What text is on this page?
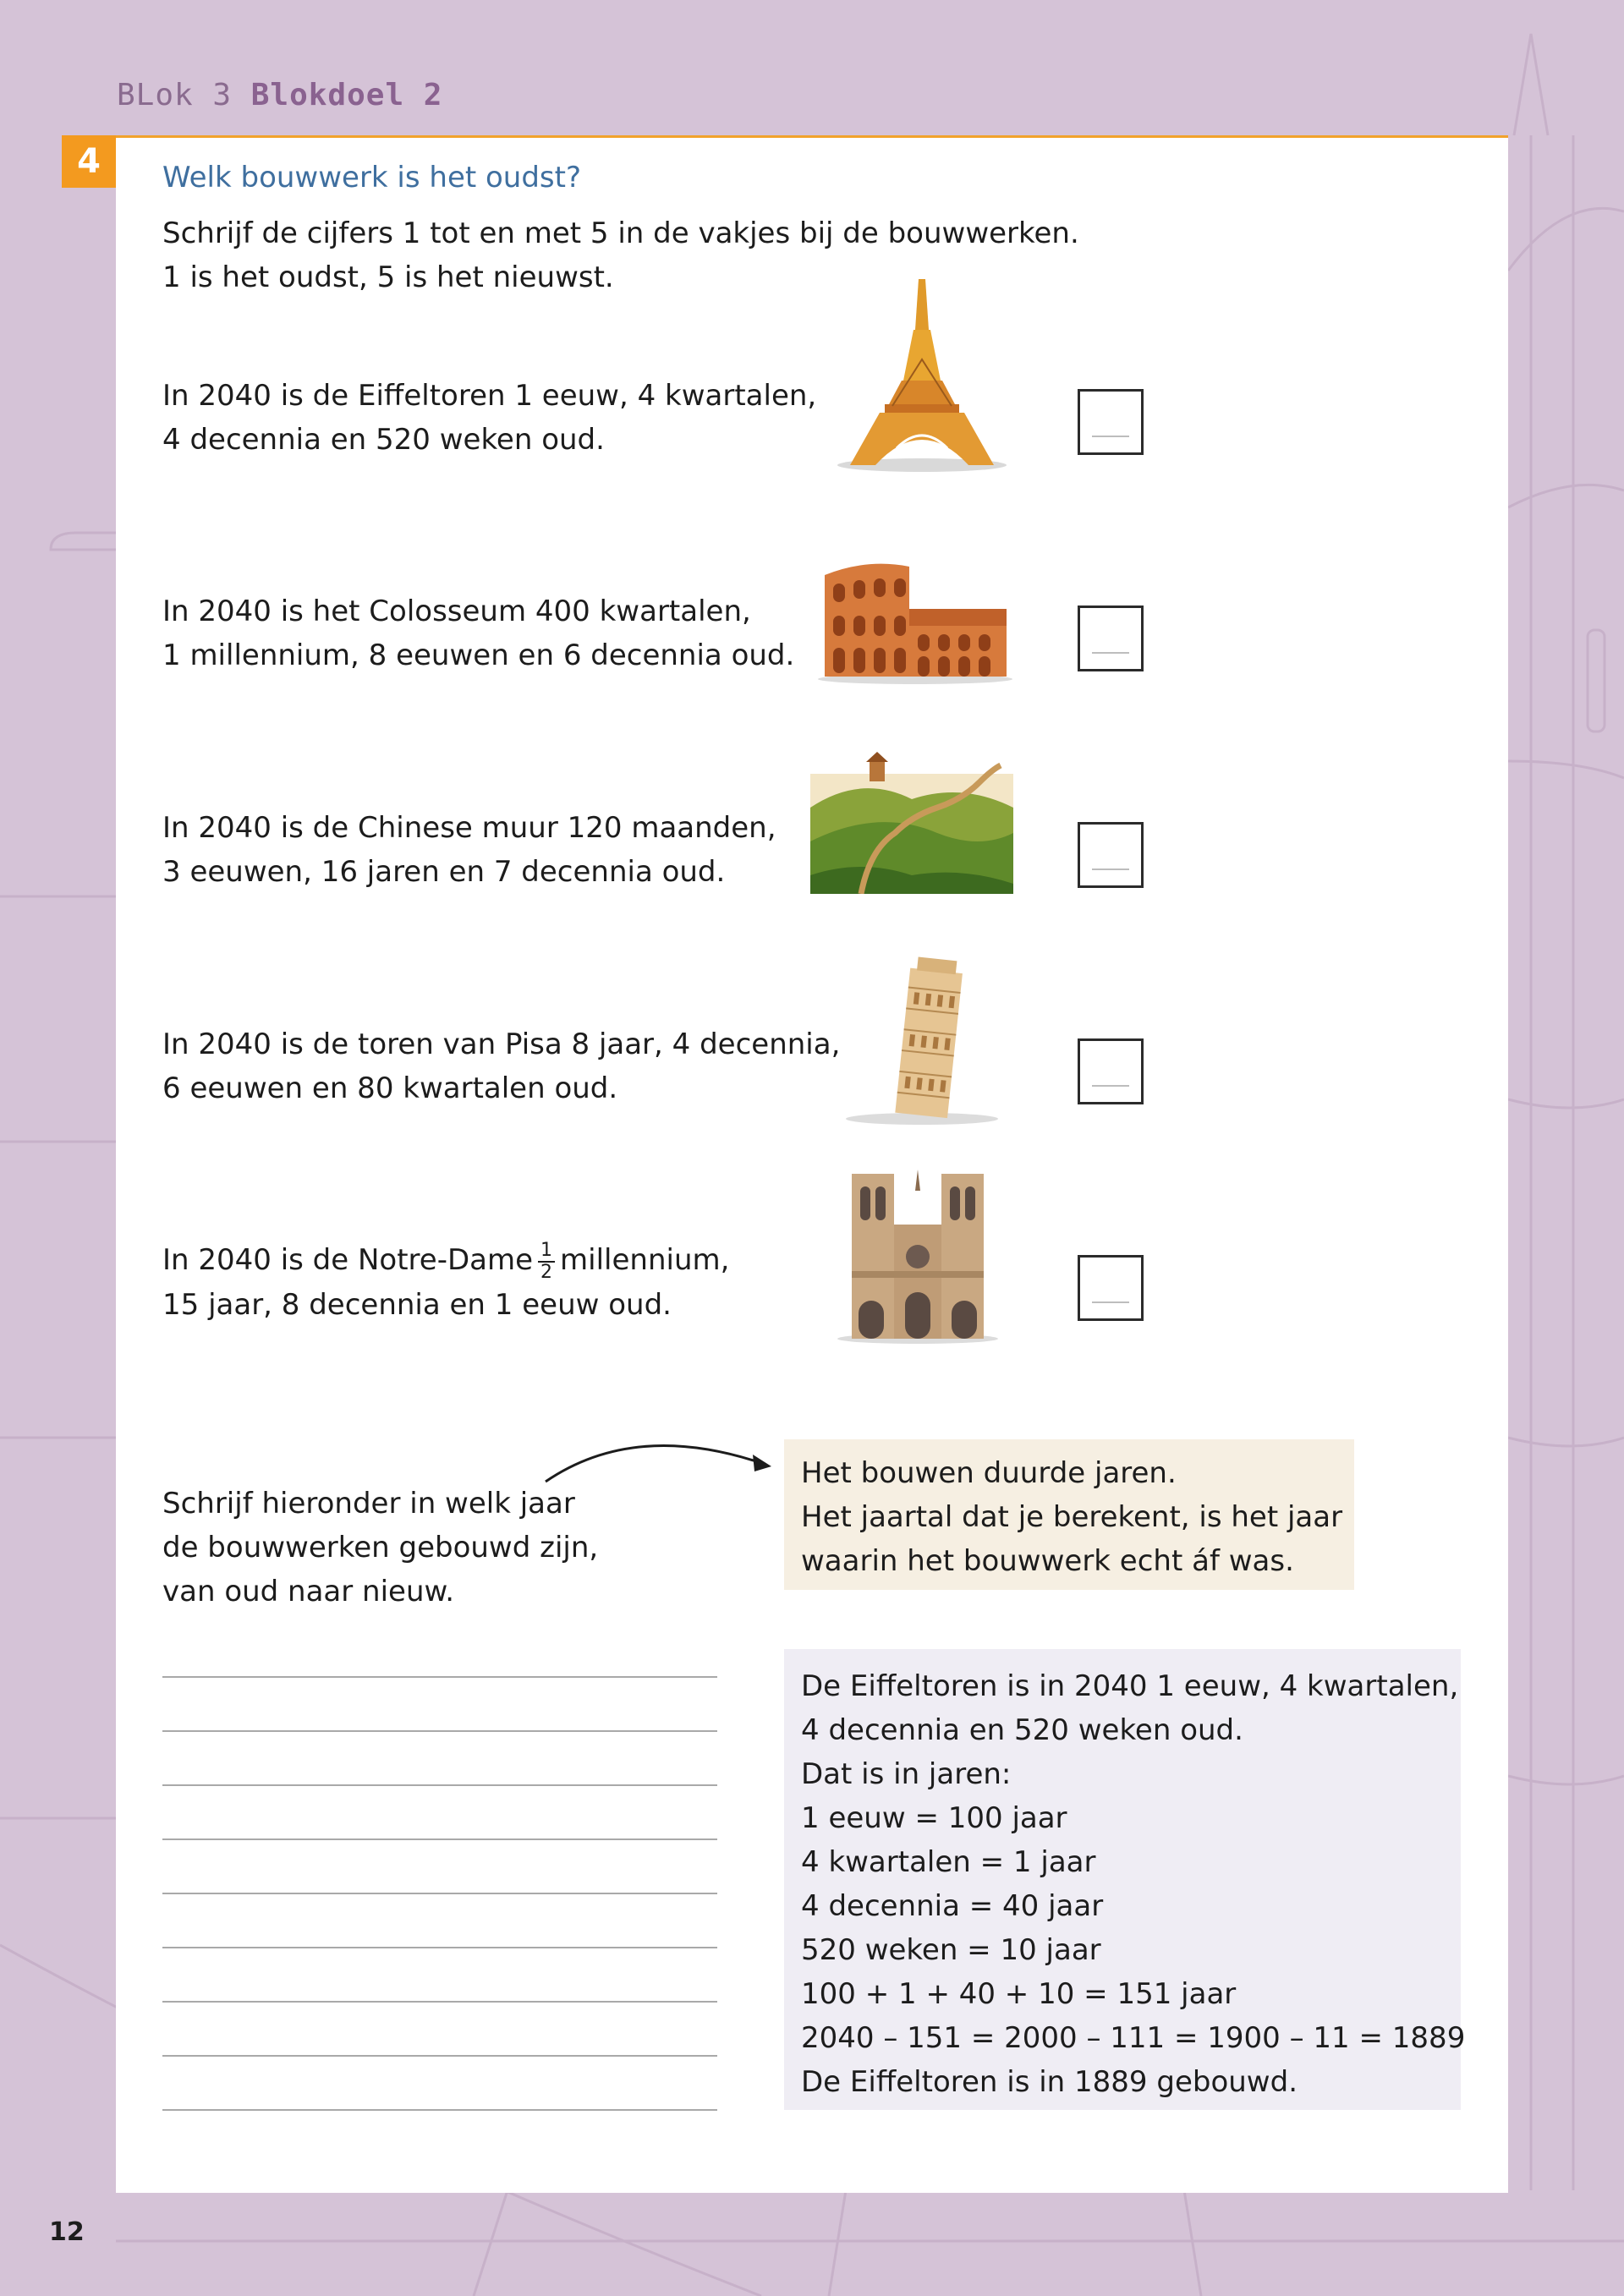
BLok 3 Blokdoel 2
4	Welk bouwwerk is het oudst?
Schrijf de cijfers 1 tot en met 5 in de vakjes bij de bouwwerken.
1 is het oudst, 5 is het nieuwst.
In 2040 is de Eiffeltoren 1 eeuw, 4 kwartalen,
4 decennia en 520 weken oud.
In 2040 is het Colosseum 400 kwartalen,
1 millennium, 8 eeuwen en 6 decennia oud.
In 2040 is de Chinese muur 120 maanden,
3 eeuwen, 16 jaren en 7 decennia oud.
In 2040 is de toren van Pisa 8 jaar, 4 decennia,
6 eeuwen en 80 kwartalen oud.
In 2040 is de Notre-Dame $\frac{1}{2}$ millennium,
15 jaar, 8 decennia en 1 eeuw oud.
Schrijf hieronder in welk jaar
de bouwwerken gebouwd zijn,
van oud naar nieuw.
Het bouwen duurde jaren.
Het jaartal dat je berekent, is het jaar
waarin het bouwwerk echt áf was.
De Eiffeltoren is in 2040 1 eeuw, 4 kwartalen,
4 decennia en 520 weken oud.
Dat is in jaren:
1 eeuw = 100 jaar
4 kwartalen = 1 jaar
4 decennia = 40 jaar
520 weken = 10 jaar
100 + 1 + 40 + 10 = 151 jaar
2040 – 151 = 2000 – 111 = 1900 – 11 = 1889
De Eiffeltoren is in 1889 gebouwd.
12
